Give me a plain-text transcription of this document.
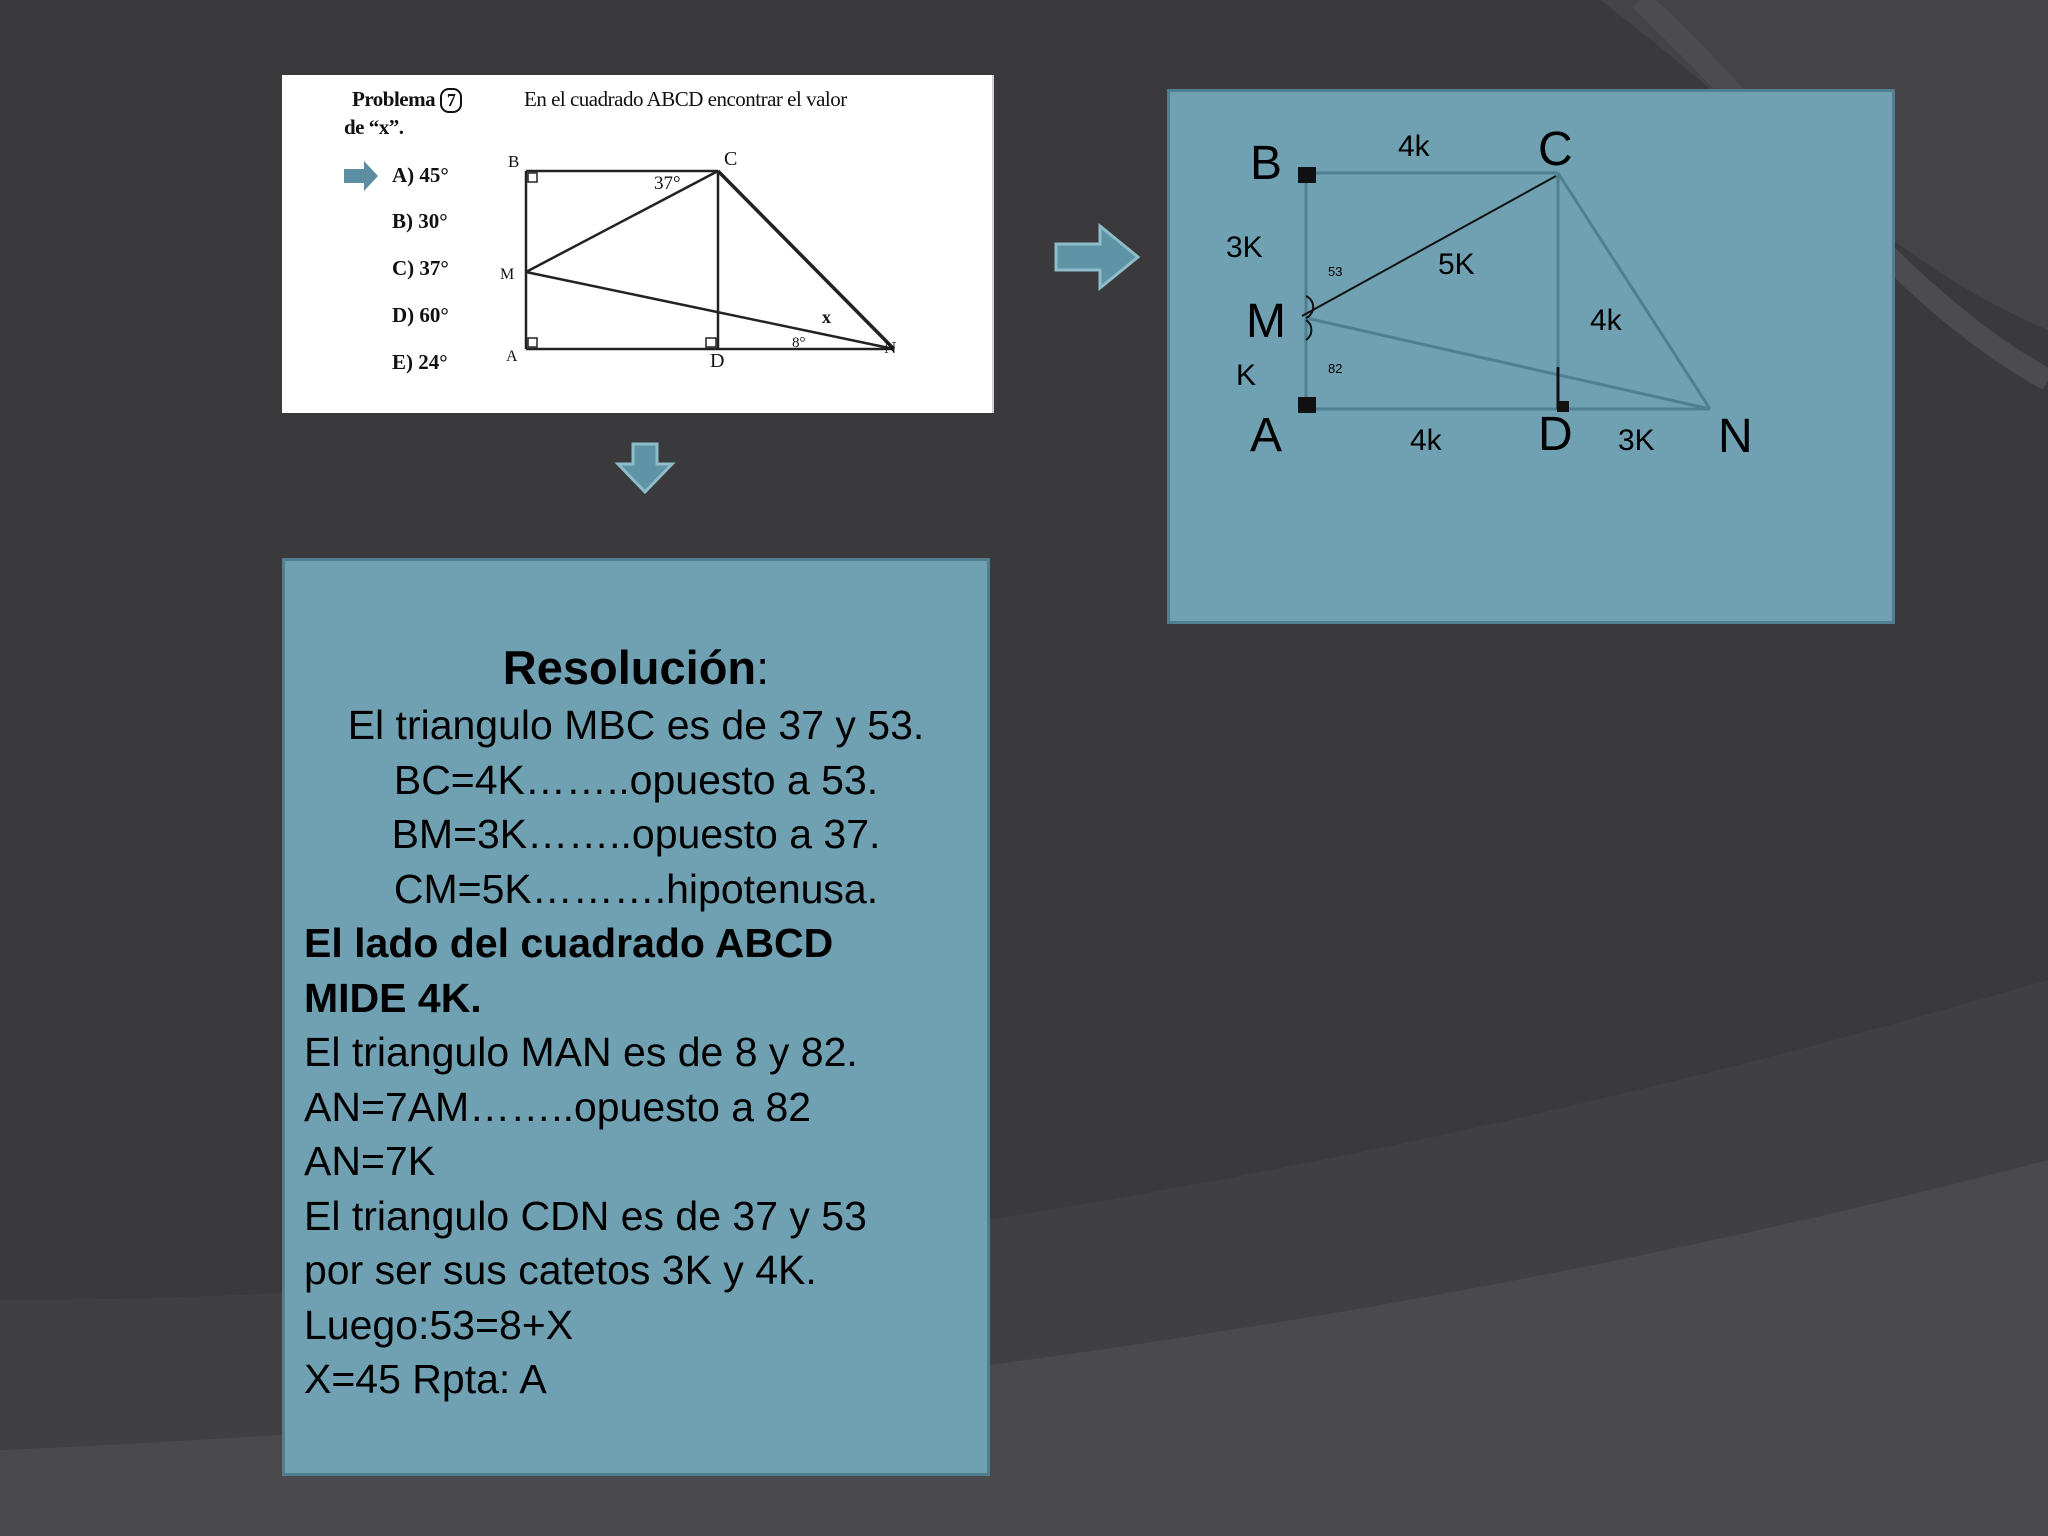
B	C
M
A	D
N
37°
8°
x
Problema 7	En el cuadrado ABCD encontrar el valor
de “x”.
A) 45°
B) 30°
C) 37°
D) 60°
E) 24°
Resolución:
El triangulo MBC es de 37 y 53.
BC=4K……..opuesto a 53.
BM=3K……..opuesto a 37.
CM=5K……….hipotenusa.
El lado del cuadrado ABCD
MIDE 4K.
El triangulo MAN es de 8 y 82.
AN=7AM……..opuesto a 82
AN=7K
El triangulo CDN es de 37 y 53
por ser sus catetos 3K y 4K.
Luego:53=8+X
X=45 Rpta: A
B	C
M
A	D	N
4k
3K
5K
4k
K
4k	3K
53
82
